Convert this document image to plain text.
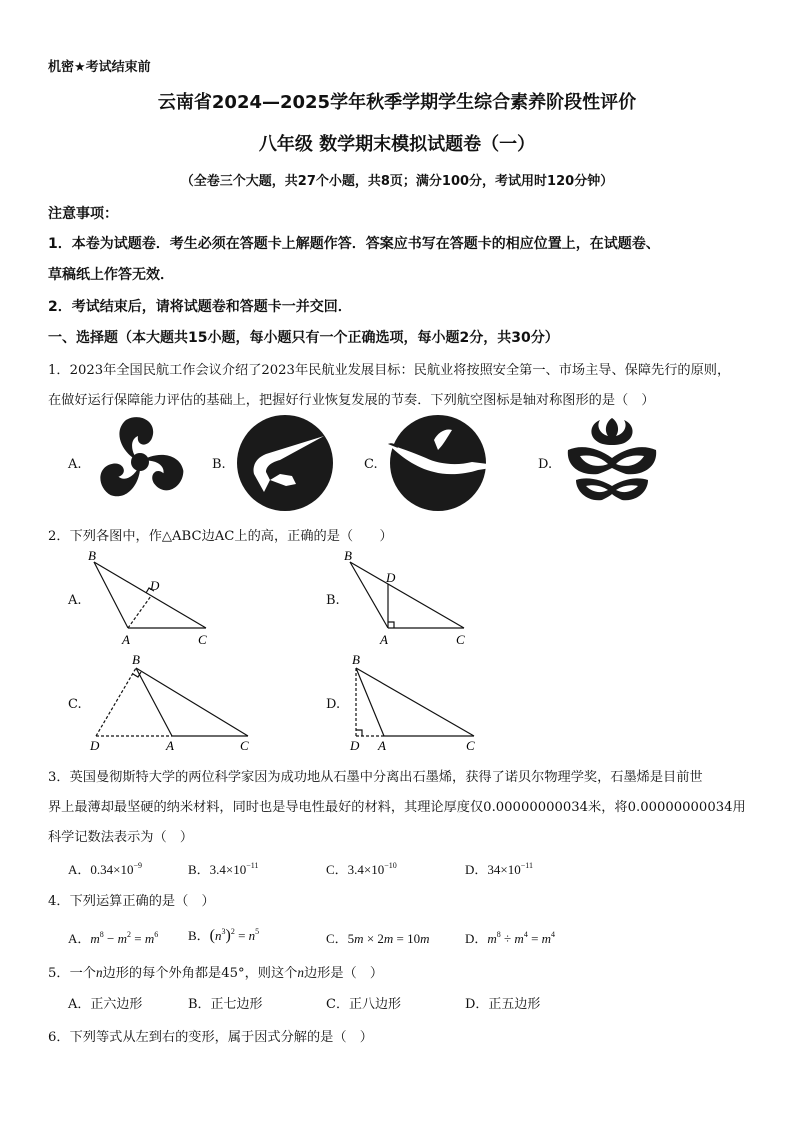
机密★考试结束前
云南省2024—2025学年秋季学期学生综合素养阶段性评价
八年级 数学期末模拟试题卷（一）
（全卷三个大题，共27个小题，共8页；满分100分，考试用时120分钟）
注意事项：
1．本卷为试题卷．考生必须在答题卡上解题作答．答案应书写在答题卡的相应位置上，在试题卷、
草稿纸上作答无效．
2．考试结束后，请将试题卷和答题卡一并交回．
一、选择题（本大题共15小题，每小题只有一个正确选项，每小题2分，共30分）
1．2023年全国民航工作会议介绍了2023年民航业发展目标：民航业将按照安全第一、市场主导、保障先行的原则，
在做好运行保障能力评估的基础上，把握好行业恢复发展的节奏．下列航空图标是轴对称图形的是（　）
A.	B.	C.	D.
2．下列各图中，作△ABC边AC上的高，正确的是（　　）
A.
B
D
A	C
B.
B
D
A	C
C.
B
D	A	C
D.
B
D A	C
3．英国曼彻斯特大学的两位科学家因为成功地从石墨中分离出石墨烯，获得了诺贝尔物理学奖，石墨烯是目前世
界上最薄却最坚硬的纳米材料，同时也是导电性最好的材料，其理论厚度仅0.00000000034米，将0.00000000034用
科学记数法表示为（　）
A．$0.34\times 10^{-9}$	B．$3.4\times 10^{-11}$	C．$3.4\times 10^{-10}$	D．$34\times 10^{-11}$
4．下列运算正确的是（　）
A．$m^8 - m^2 = m^6$ B．$(n^3)^2 = n^5$	C．5m × 2m = 10m	D．$m^8 \div m^4 = m^4$
5．一个n边形的每个外角都是45°，则这个n边形是（　）
A．正六边形	B．正七边形	C．正八边形	D．正五边形
6．下列等式从左到右的变形，属于因式分解的是（　）
